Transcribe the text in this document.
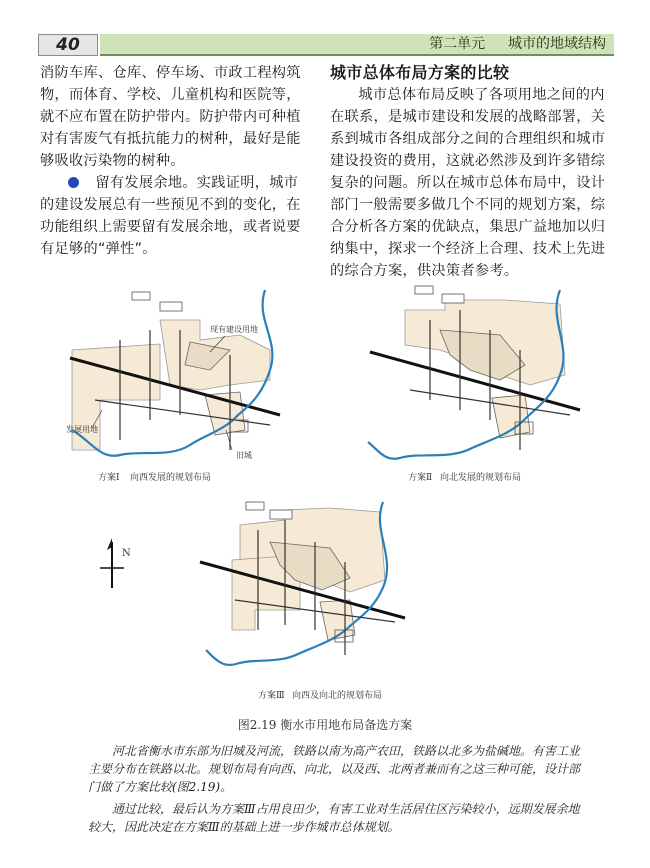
40	第二单元 城市的地域结构

消防车库、仓库、停车场、市政工程构筑物，而体育、学校、儿童机构和医院等，就不应布置在防护带内。防护带内可种植对有害废气有抵抗能力的树种，最好是能够吸收污染物的树种。

留有发展余地。实践证明，城市的建设发展总有一些预见不到的变化，在功能组织上需要留有发展余地，或者说要有足够的“弹性”。

城市总体布局方案的比较

城市总体布局反映了各项用地之间的内在联系，是城市建设和发展的战略部署，关系到城市各组成部分之间的合理组织和城市建设投资的费用，这就必然涉及到许多错综复杂的问题。所以在城市总体布局中，设计部门一般需要多做几个不同的规划方案，综合分析各方案的优缺点，集思广益地加以归纳集中，探求一个经济上合理、技术上先进的综合方案，供决策者参考。

现有建设用地
发展用地
旧城
方案Ⅰ 向西发展的规划布局	方案Ⅱ 向北发展的规划布局
方案Ⅲ 向西及向北的规划布局
N
图2.19 衡水市用地布局备选方案

河北省衡水市东部为旧城及河流，铁路以南为高产农田，铁路以北多为盐碱地。有害工业主要分布在铁路以北。规划布局有向西、向北，以及西、北两者兼而有之这三种可能，设计部门做了方案比较(图2.19)。

通过比较，最后认为方案Ⅲ占用良田少，有害工业对生活居住区污染较小，远期发展余地较大，因此决定在方案Ⅲ的基础上进一步作城市总体规划。
